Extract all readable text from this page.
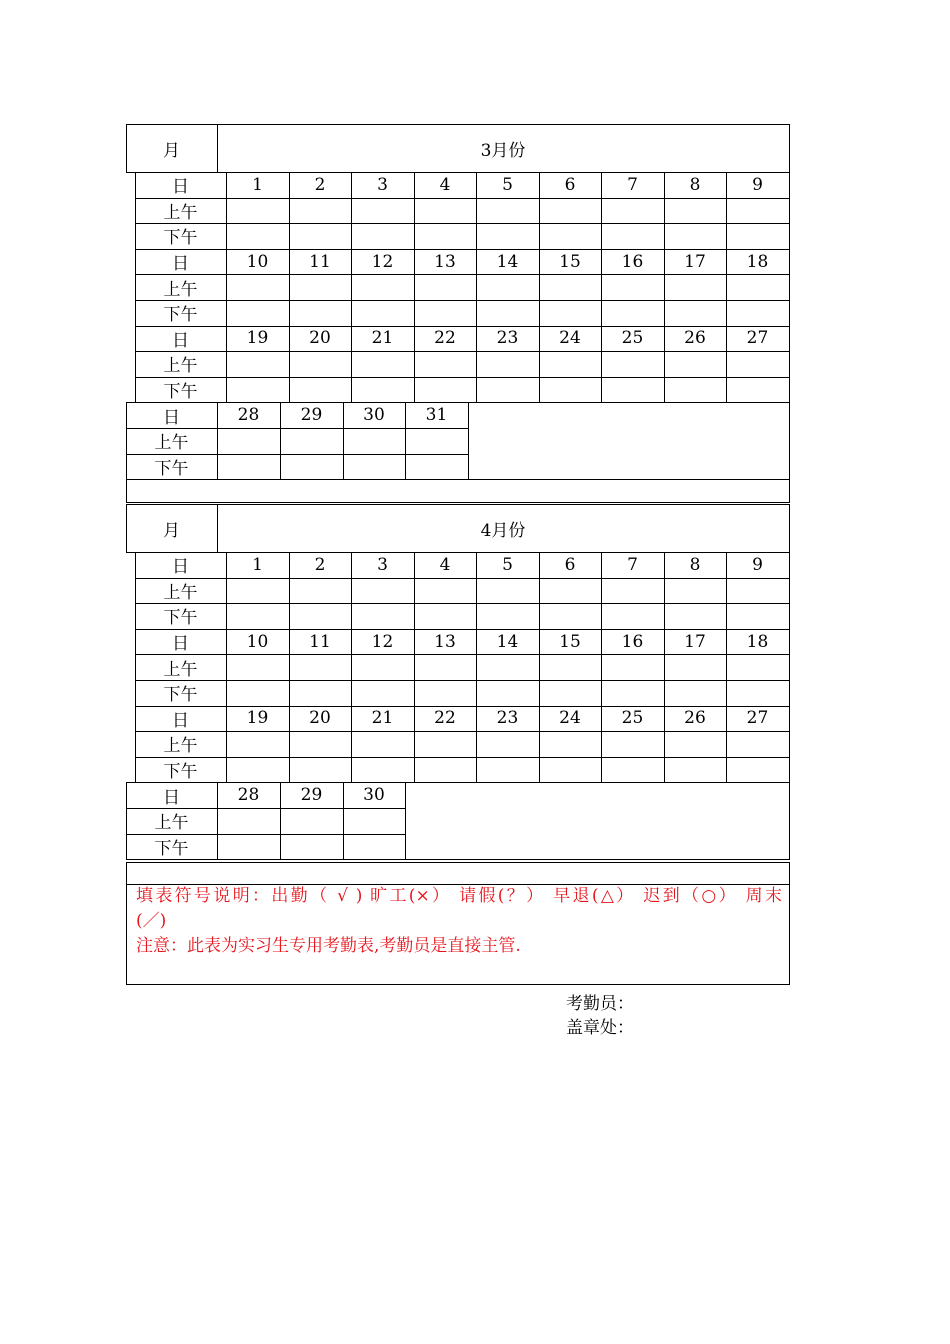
月	3月份
日	1	2	3	4	5	6	7	8	9
上午
下午
日	10	11	12	13	14	15	16	17	18
上午
下午
日	19	20	21	22	23	24	25	26	27
上午
下午
日	28	29	30	31
上午
下午
月	4月份
日	1	2	3	4	5	6	7	8	9
上午
下午
日	10	11	12	13	14	15	16	17	18
上午
下午
日	19	20	21	22	23	24	25	26	27
上午
下午
日	28	29	30
上午
下午
填表符号说明：出勤（ √ ) 旷工(×） 请假(？） 早退(△） 迟到（○） 周末
(／)
注意：此表为实习生专用考勤表,考勤员是直接主管.
考勤员：
盖章处：
